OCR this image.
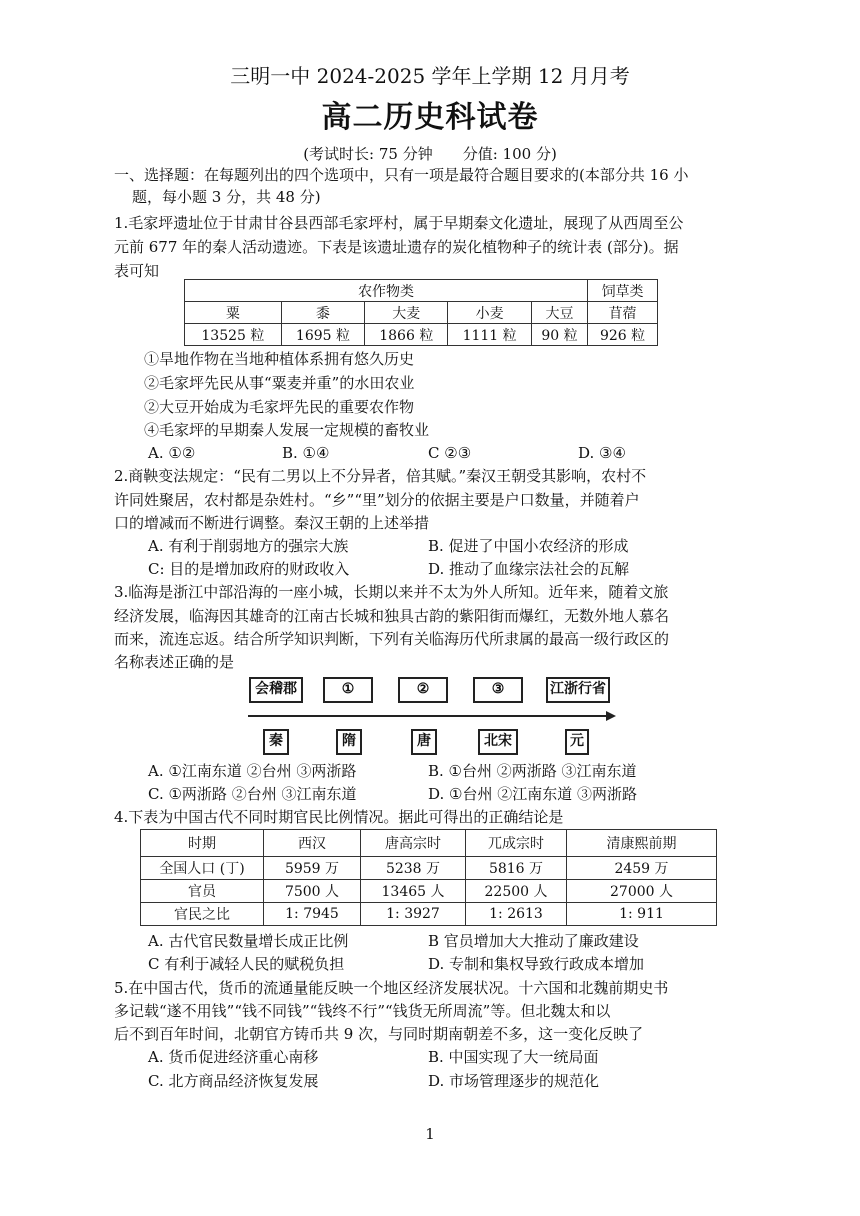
三明一中 2024-2025 学年上学期 12 月月考
高二历史科试卷
(考试时长: 75 分钟　　分值: 100 分)
一、选择题：在每题列出的四个选项中，只有一项是最符合题目要求的(本部分共 16 小
题，每小题 3 分，共 48 分)
1.毛家坪遗址位于甘肃甘谷县西部毛家坪村，属于早期秦文化遗址，展现了从西周至公
元前 677 年的秦人活动遗迹。下表是该遗址遗存的炭化植物种子的统计表 (部分)。据
表可知
农作物类					饲草类
粟	黍	大麦	小麦	大豆	苜蓿
13525 粒	1695 粒	1866 粒	1111 粒	90 粒	926 粒
①旱地作物在当地种植体系拥有悠久历史
②毛家坪先民从事“粟麦并重”的水田农业
②大豆开始成为毛家坪先民的重要农作物
④毛家坪的早期秦人发展一定规模的畜牧业
A. ①②	B. ①④	C ②③	D. ③④
2.商鞅变法规定：“民有二男以上不分异者，倍其赋。”秦汉王朝受其影响，农村不
许同姓聚居，农村都是杂姓村。“乡”“里”划分的依据主要是户口数量，并随着户
口的增减而不断进行调整。秦汉王朝的上述举措
A. 有利于削弱地方的强宗大族	B. 促进了中国小农经济的形成
C: 目的是增加政府的财政收入	D. 推动了血缘宗法社会的瓦解
3.临海是浙江中部沿海的一座小城，长期以来并不太为外人所知。近年来，随着文旅
经济发展，临海因其雄奇的江南古长城和独具古韵的紫阳街而爆红，无数外地人慕名
而来，流连忘返。结合所学知识判断，下列有关临海历代所隶属的最高一级行政区的
名称表述正确的是
会稽郡	①	②	③	江浙行省
秦	隋	唐	北宋	元
A. ①江南东道 ②台州 ③两浙路	B. ①台州 ②两浙路 ③江南东道
C. ①两浙路 ②台州 ③江南东道	D. ①台州 ②江南东道 ③两浙路
4.下表为中国古代不同时期官民比例情况。据此可得出的正确结论是
时期	西汉	唐高宗时	兀成宗时	清康熙前期
全国人口 (丁)	5959 万	5238 万	5816 万	2459 万
官员	7500 人	13465 人	22500 人	27000 人
官民之比	1: 7945	1: 3927	1: 2613	1: 911
A. 古代官民数量增长成正比例	B 官员增加大大推动了廉政建设
C 有利于减轻人民的赋税负担	D. 专制和集权导致行政成本增加
5.在中国古代，货币的流通量能反映一个地区经济发展状况。十六国和北魏前期史书
多记载“遂不用钱”“钱不同钱”“钱终不行”“钱货无所周流”等。但北魏太和以
后不到百年时间，北朝官方铸币共 9 次，与同时期南朝差不多，这一变化反映了
A. 货币促进经济重心南移	B. 中国实现了大一统局面
C. 北方商品经济恢复发展	D. 市场管理逐步的规范化
1
